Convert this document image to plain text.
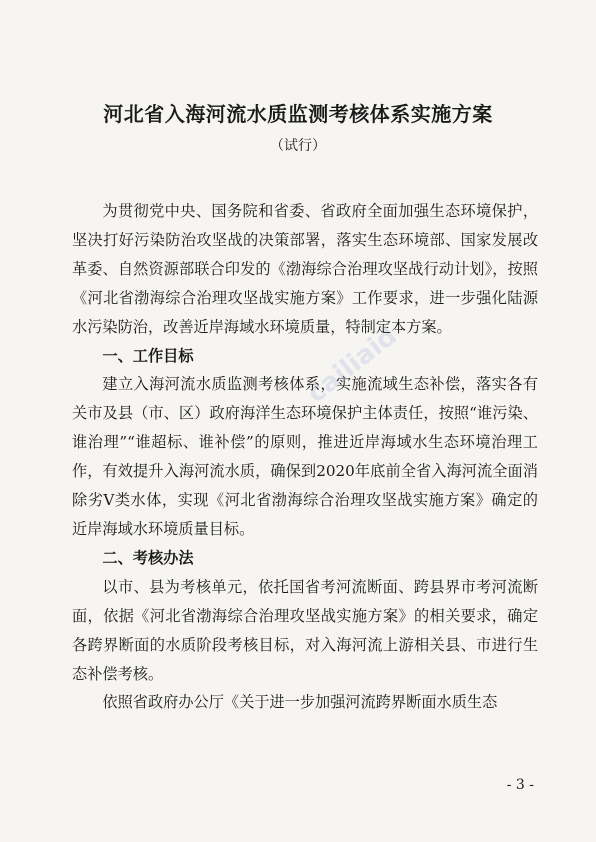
河北省入海河流水质监测考核体系实施方案
（试行）

为贯彻党中央、国务院和省委、省政府全面加强生态环境保护，坚决打好污染防治攻坚战的决策部署，落实生态环境部、国家发展改革委、自然资源部联合印发的《渤海综合治理攻坚战行动计划》，按照《河北省渤海综合治理攻坚战实施方案》工作要求，进一步强化陆源水污染防治，改善近岸海域水环境质量，特制定本方案。

一、工作目标

建立入海河流水质监测考核体系，实施流域生态补偿，落实各有关市及县（市、区）政府海洋生态环境保护主体责任，按照“谁污染、谁治理”“谁超标、谁补偿”的原则，推进近岸海域水生态环境治理工作，有效提升入海河流水质，确保到2020年底前全省入海河流全面消除劣Ⅴ类水体，实现《河北省渤海综合治理攻坚战实施方案》确定的近岸海域水环境质量目标。

二、考核办法

以市、县为考核单元，依托国省考河流断面、跨县界市考河流断面，依据《河北省渤海综合治理攻坚战实施方案》的相关要求，确定各跨界断面的水质阶段考核目标，对入海河流上游相关县、市进行生态补偿考核。

依照省政府办公厅《关于进一步加强河流跨界断面水质生态

cailiaid
- 3 -
